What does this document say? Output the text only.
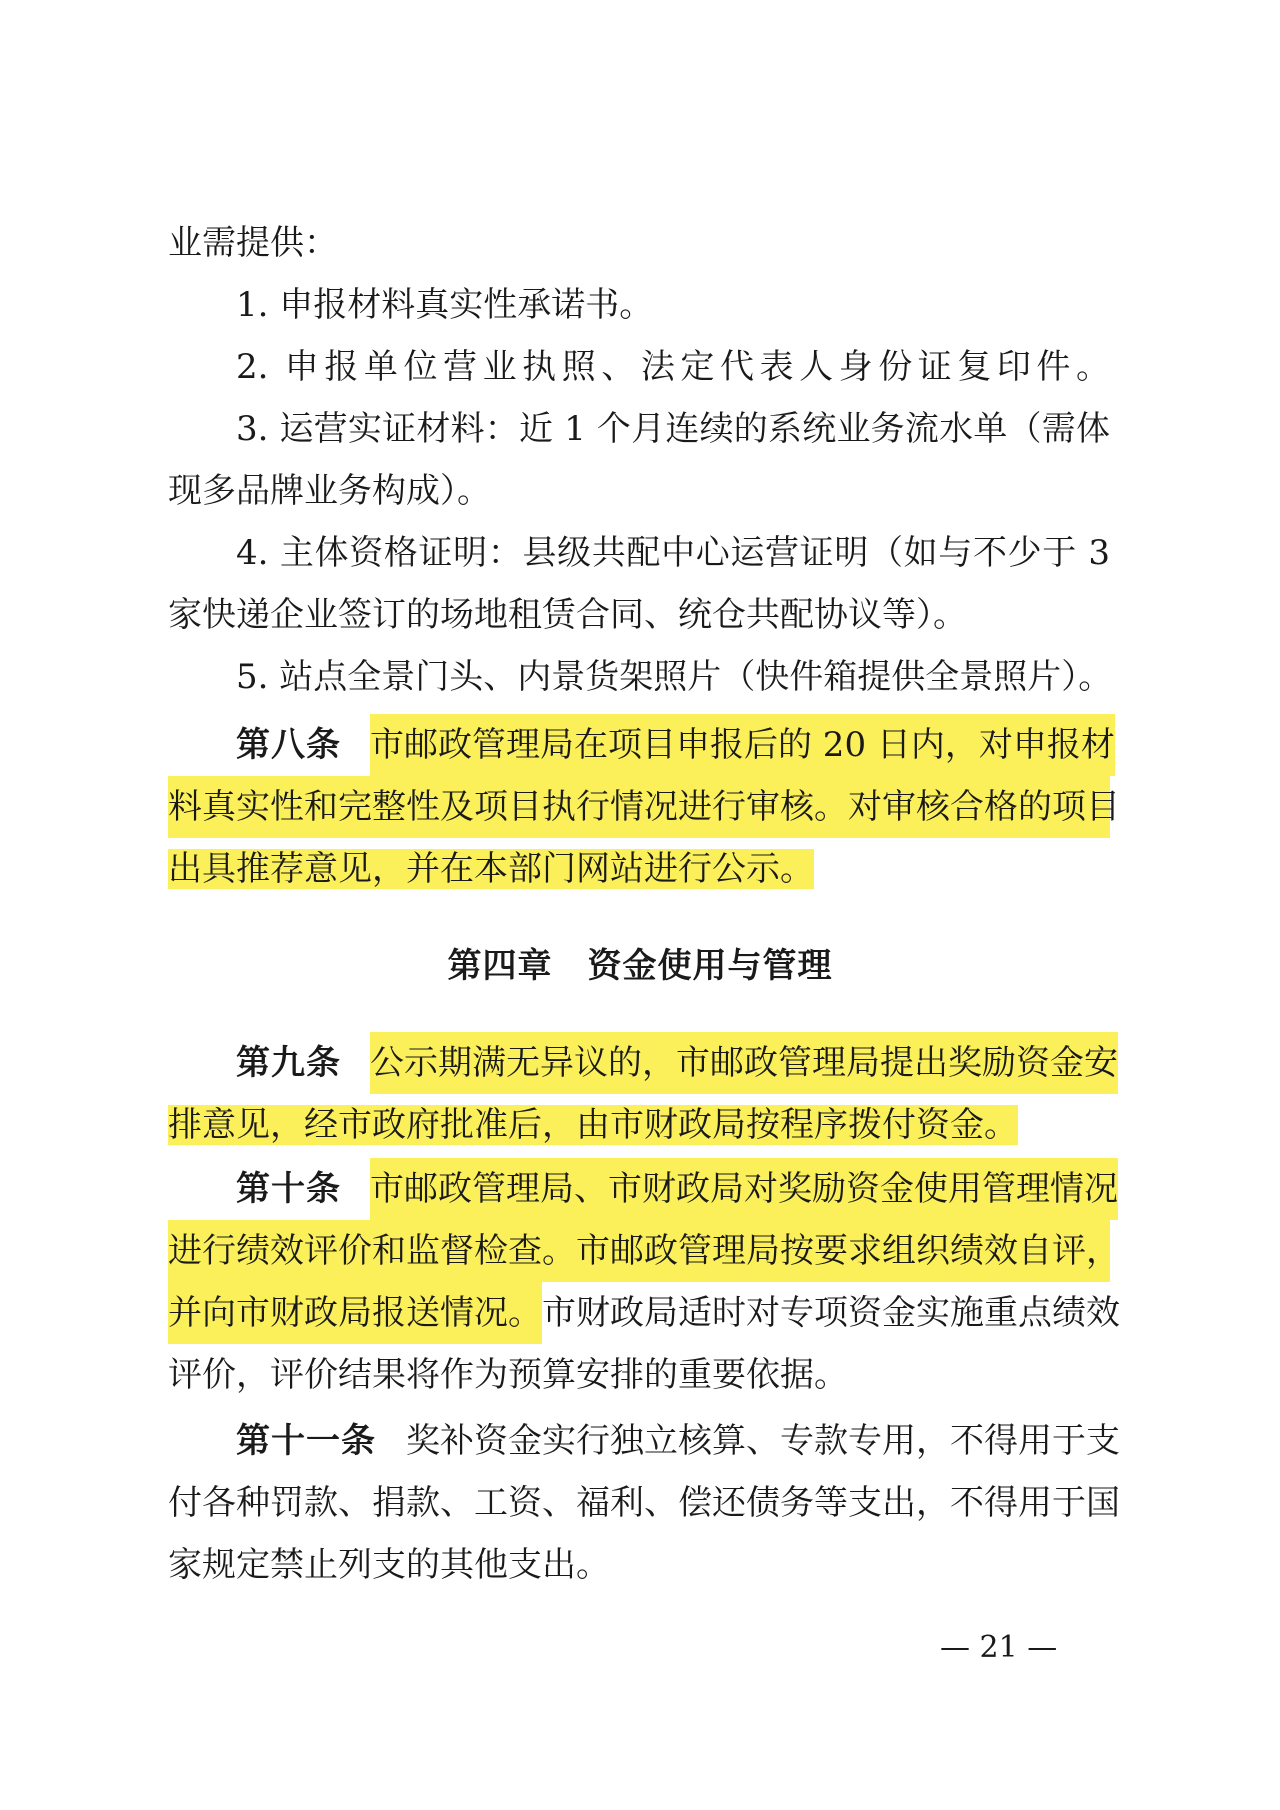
业需提供：
1. 申报材料真实性承诺书。
2. 申报单位营业执照、法定代表人身份证复印件。
3. 运营实证材料：近 1 个月连续的系统业务流水单（需体
现多品牌业务构成）。
4. 主体资格证明：县级共配中心运营证明（如与不少于 3
家快递企业签订的场地租赁合同、统仓共配协议等）。
5. 站点全景门头、内景货架照片（快件箱提供全景照片）。
第八条 市邮政管理局在项目申报后的 20 日内，对申报材
料真实性和完整性及项目执行情况进行审核。对审核合格的项目
出具推荐意见，并在本部门网站进行公示。
第四章　资金使用与管理
第九条 公示期满无异议的，市邮政管理局提出奖励资金安
排意见，经市政府批准后，由市财政局按程序拨付资金。
第十条 市邮政管理局、市财政局对奖励资金使用管理情况
进行绩效评价和监督检查。市邮政管理局按要求组织绩效自评，
并向市财政局报送情况。 市财政局适时对专项资金实施重点绩效
评价，评价结果将作为预算安排的重要依据。
第十一条 奖补资金实行独立核算、专款专用，不得用于支
付各种罚款、捐款、工资、福利、偿还债务等支出，不得用于国
家规定禁止列支的其他支出。
— 21 —
